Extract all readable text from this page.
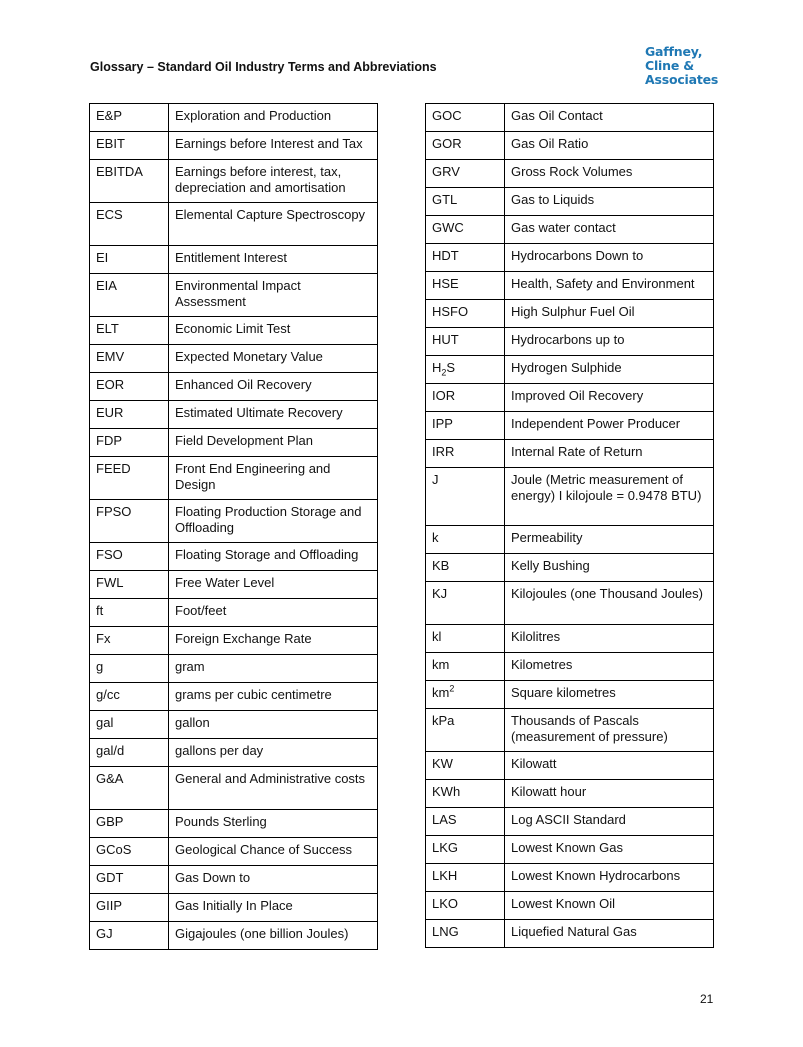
Glossary – Standard Oil Industry Terms and Abbreviations
Gaffney,
Cline &
Associates
E&P	Exploration and Production
EBIT	Earnings before Interest and Tax
EBITDA	Earnings before interest, tax, depreciation and amortisation
ECS	Elemental Capture Spectroscopy
EI	Entitlement Interest
EIA	Environmental Impact Assessment
ELT	Economic Limit Test
EMV	Expected Monetary Value
EOR	Enhanced Oil Recovery
EUR	Estimated Ultimate Recovery
FDP	Field Development Plan
FEED	Front End Engineering and Design
FPSO	Floating Production Storage and Offloading
FSO	Floating Storage and Offloading
FWL	Free Water Level
ft	Foot/feet
Fx	Foreign Exchange Rate
g	gram
g/cc	grams per cubic centimetre
gal	gallon
gal/d	gallons per day
G&A	General and Administrative costs
GBP	Pounds Sterling
GCoS	Geological Chance of Success
GDT	Gas Down to
GIIP	Gas Initially In Place
GJ	Gigajoules (one billion Joules)
GOC	Gas Oil Contact
GOR	Gas Oil Ratio
GRV	Gross Rock Volumes
GTL	Gas to Liquids
GWC	Gas water contact
HDT	Hydrocarbons Down to
HSE	Health, Safety and Environment
HSFO	High Sulphur Fuel Oil
HUT	Hydrocarbons up to
$H_2S$	Hydrogen Sulphide
IOR	Improved Oil Recovery
IPP	Independent Power Producer
IRR	Internal Rate of Return
J	Joule (Metric measurement of energy) I kilojoule = 0.9478 BTU)
k	Permeability
KB	Kelly Bushing
KJ	Kilojoules (one Thousand Joules)
kl	Kilolitres
km	Kilometres
$km^2$	Square kilometres
kPa	Thousands of Pascals (measurement of pressure)
KW	Kilowatt
KWh	Kilowatt hour
LAS	Log ASCII Standard
LKG	Lowest Known Gas
LKH	Lowest Known Hydrocarbons
LKO	Lowest Known Oil
LNG	Liquefied Natural Gas
21
